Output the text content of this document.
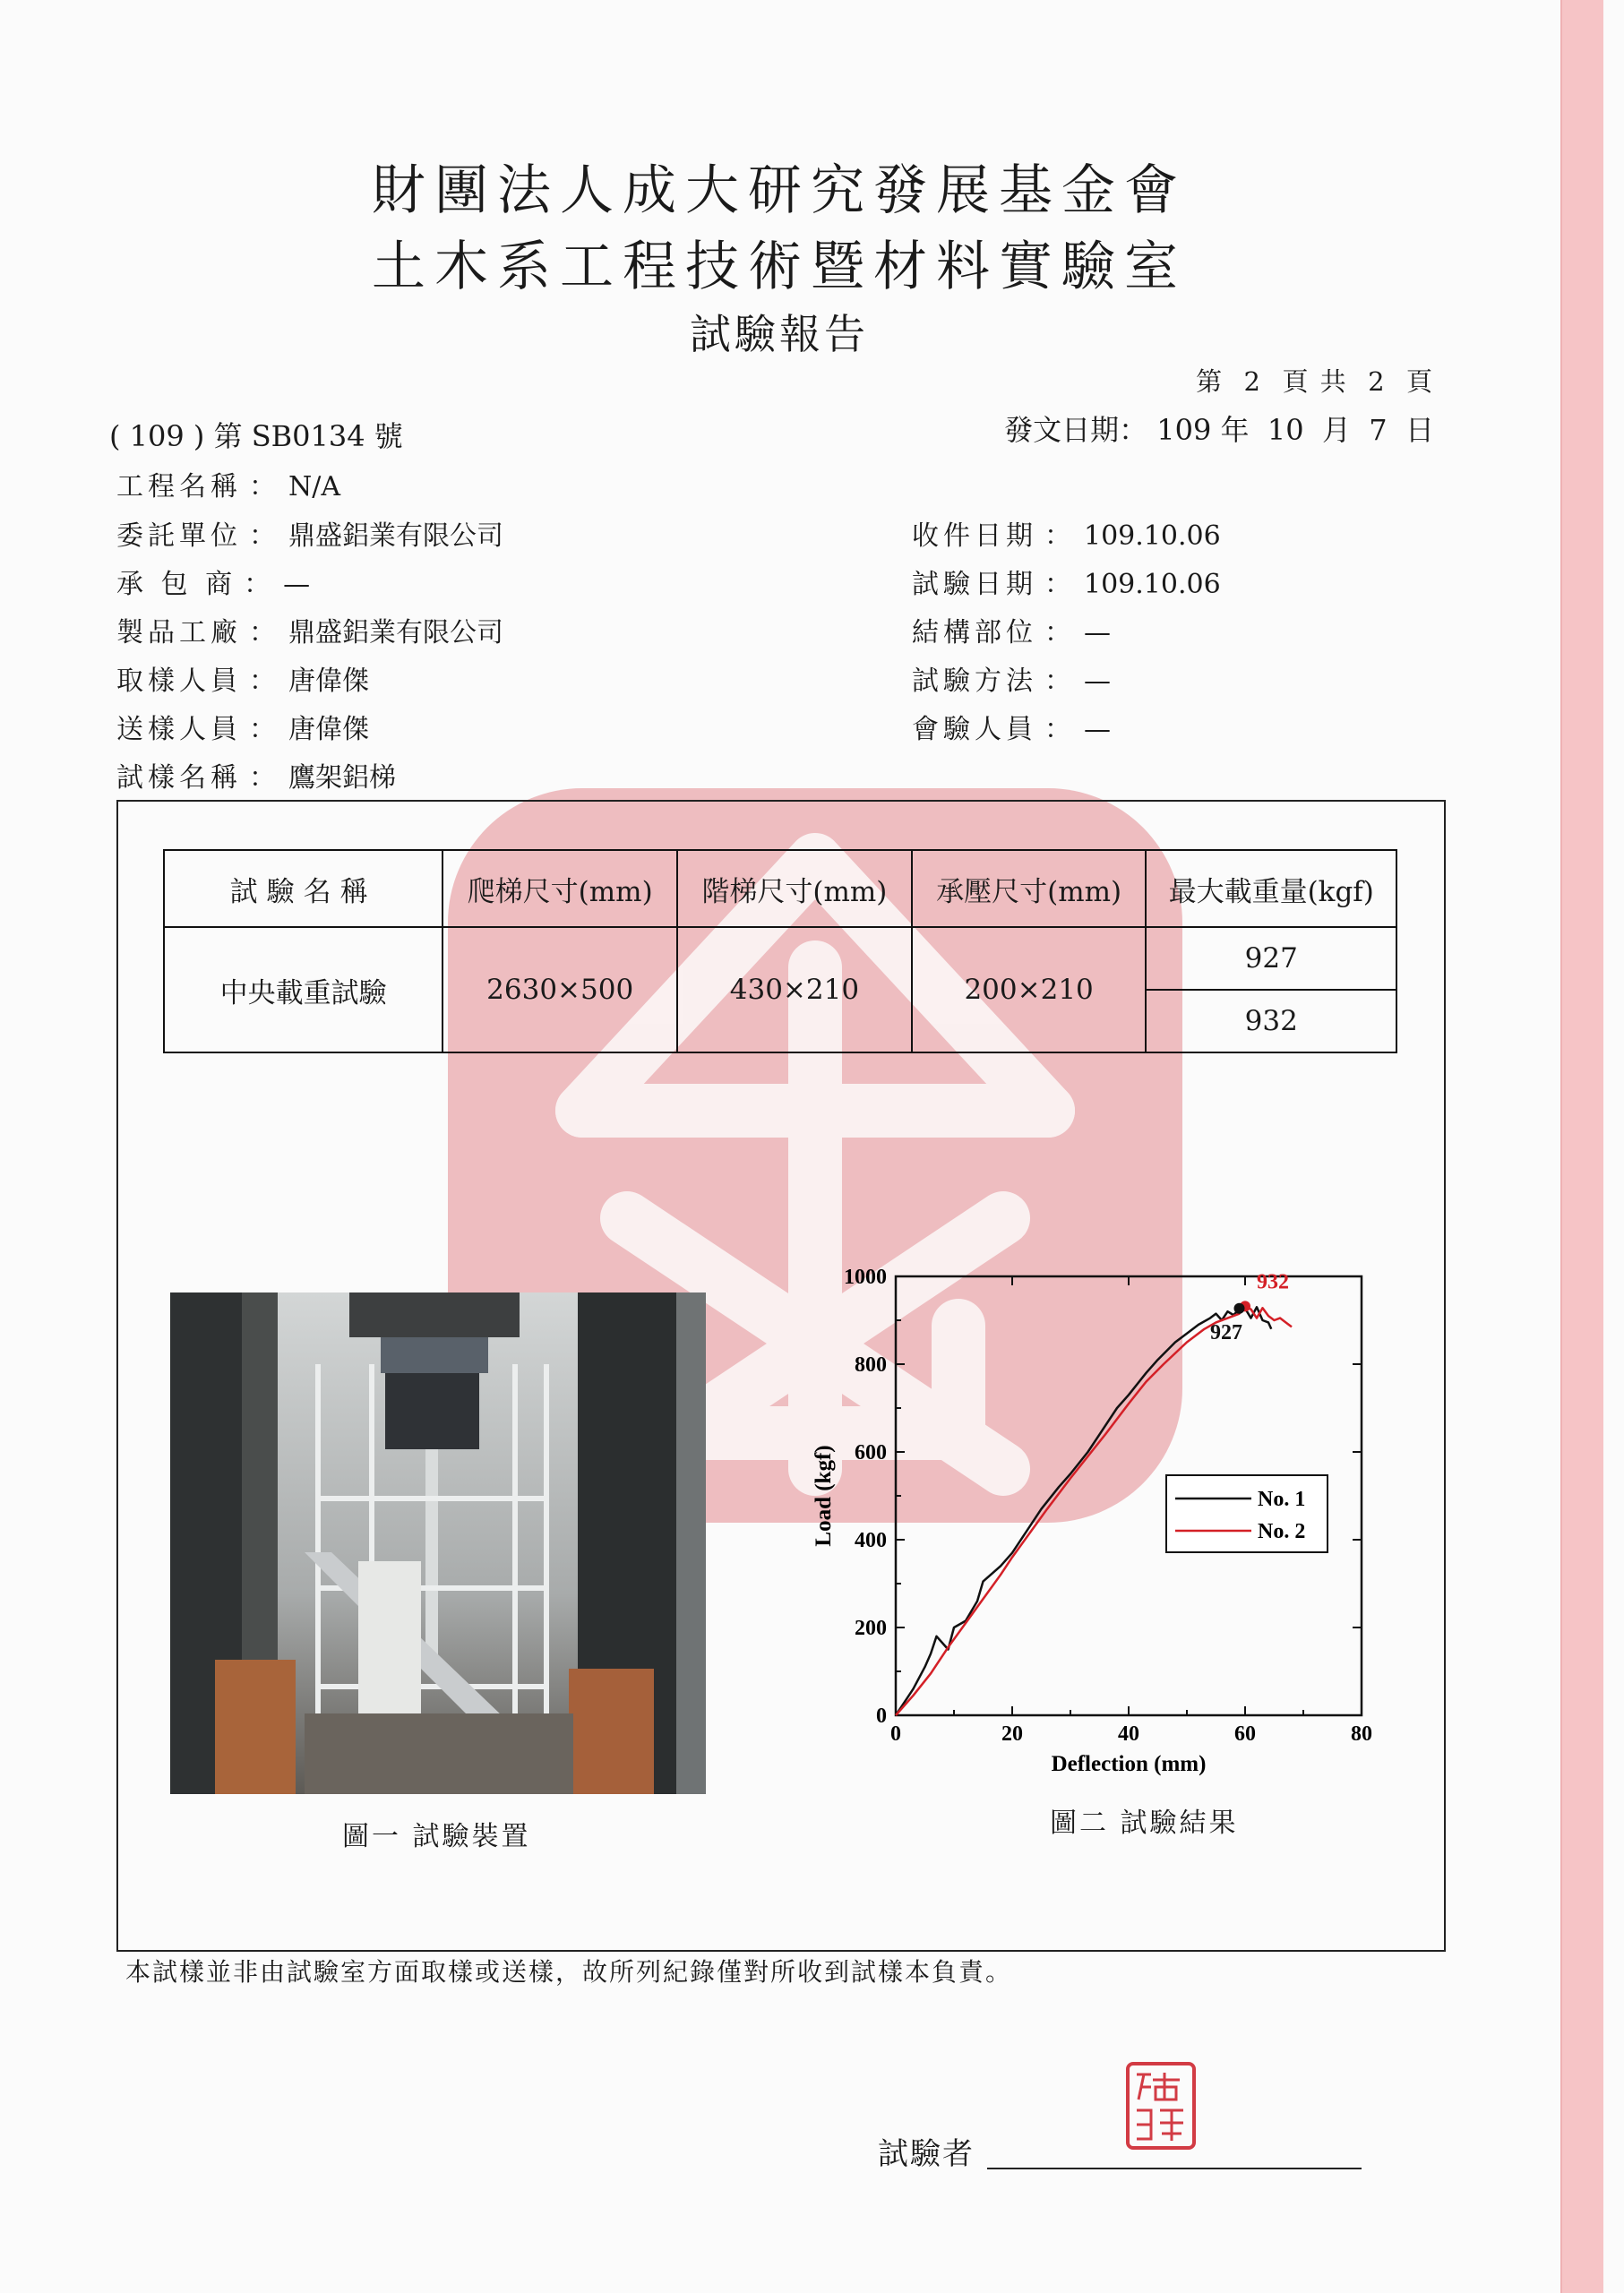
財團法人成大研究發展基金會
土木系工程技術暨材料實驗室
試驗報告
第  2  頁 共  2  頁
( 109 ) 第 SB0134 號	發文日期： 109 年  10  月  7  日
工程名稱 ： N/A
委託單位 ： 鼎盛鋁業有限公司
承 包 商 ： —
製品工廠 ： 鼎盛鋁業有限公司
取樣人員 ： 唐偉傑
送樣人員 ： 唐偉傑
試樣名稱 ： 鷹架鋁梯
收件日期 ： 109.10.06
試驗日期 ： 109.10.06
結構部位 ： —
試驗方法 ： —
會驗人員 ： —
試驗名稱	爬梯尺寸(mm)	階梯尺寸(mm)	承壓尺寸(mm)	最大載重量(kgf)
中央載重試驗	2630×500	430×210	200×210	927
				932
圖一 試驗裝置
0	20	40	60	80
0
200
400
600
800
1000
Deflection (mm)
Load (kgf)	No. 1
No. 2
932
927
圖二 試驗結果
本試樣並非由試驗室方面取樣或送樣，故所列紀錄僅對所收到試樣本負責。
試驗者
